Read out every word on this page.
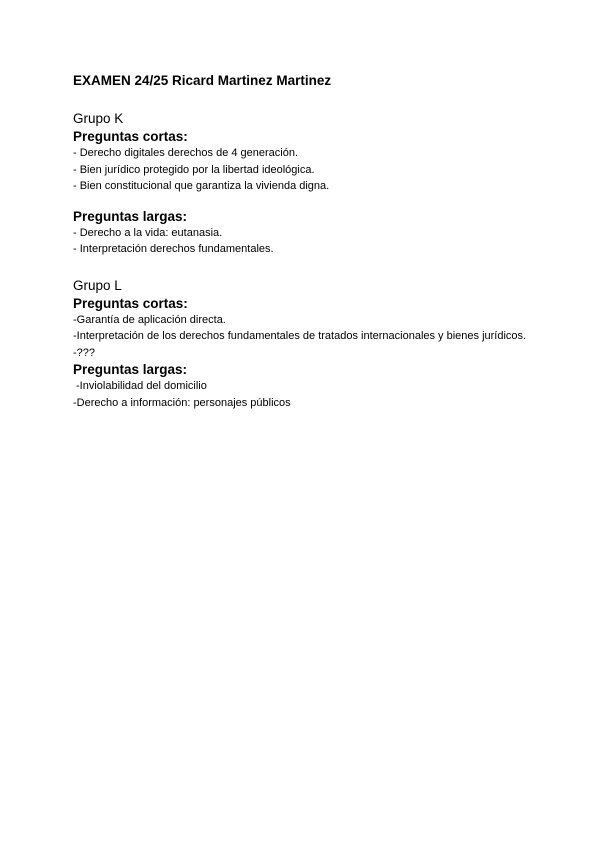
EXAMEN 24/25 Ricard Martinez Martinez
Grupo K
Preguntas cortas:
- Derecho digitales derechos de 4 generación.
- Bien jurídico protegido por la libertad ideológica.
- Bien constitucional que garantiza la vivienda digna.
Preguntas largas:
- Derecho a la vida: eutanasia.
- Interpretación derechos fundamentales.
Grupo L
Preguntas cortas:
-Garantía de aplicación directa.
-Interpretación de los derechos fundamentales de tratados internacionales y bienes jurídicos.
-???
Preguntas largas:
-Inviolabilidad del domicilio
-Derecho a información: personajes públicos
